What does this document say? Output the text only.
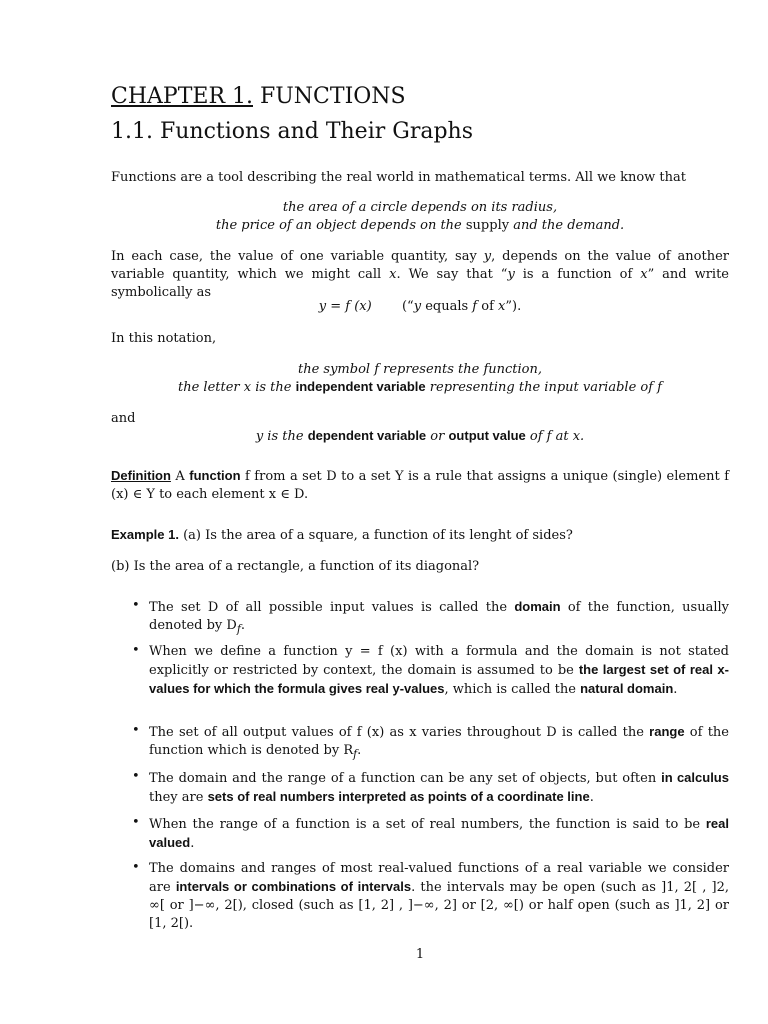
CHAPTER 1. FUNCTIONS
1.1. Functions and Their Graphs
Functions are a tool describing the real world in mathematical terms. All we know that
the area of a circle depends on its radius,
the price of an object depends on the supply and the demand.
In each case, the value of one variable quantity, say y, depends on the value of another variable quantity, which we might call x. We say that “y is a function of x” and write symbolically as
y = f (x) (“y equals f of x”).
In this notation,
the symbol f represents the function,
the letter x is the independent variable representing the input variable of f
and
y is the dependent variable or output value of f at x.
Definition A function f from a set D to a set Y is a rule that assigns a unique (single) element f (x) ∈ Y to each element x ∈ D.
Example 1. (a) Is the area of a square, a function of its lenght of sides?
(b) Is the area of a rectangle, a function of its diagonal?
• The set D of all possible input values is called the domain of the function, usually denoted by $D_f$.
• When we define a function y = f (x) with a formula and the domain is not stated explicitly or restricted by context, the domain is assumed to be the largest set of real x-values for which the formula gives real y-values, which is called the natural domain.
• The set of all output values of f (x) as x varies throughout D is called the range of the function which is denoted by $R_f$.
• The domain and the range of a function can be any set of objects, but often in calculus they are sets of real numbers interpreted as points of a coordinate line.
• When the range of a function is a set of real numbers, the function is said to be real valued.
• The domains and ranges of most real-valued functions of a real variable we consider are intervals or combinations of intervals. the intervals may be open (such as ]1, 2[ , ]2, ∞[ or ]−∞, 2[), closed (such as [1, 2] , ]−∞, 2] or [2, ∞[) or half open (such as ]1, 2] or [1, 2[).
1
